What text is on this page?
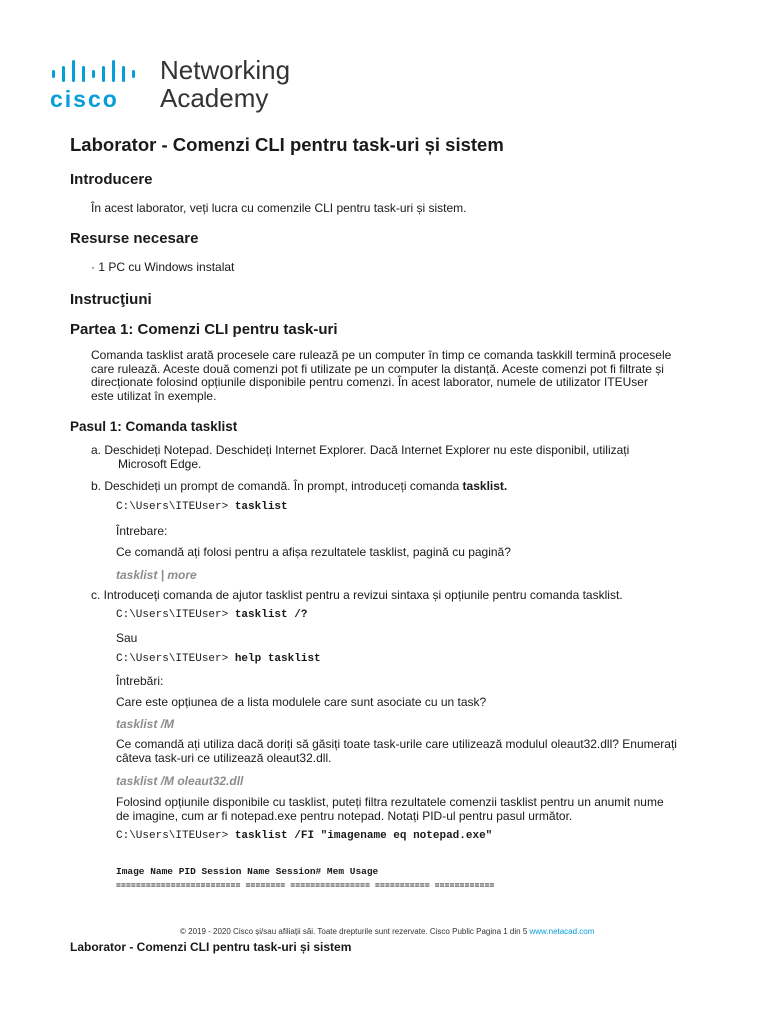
cisco
Networking
Academy
Laborator - Comenzi CLI pentru task-uri și sistem
Introducere
În acest laborator, veți lucra cu comenzile CLI pentru task-uri și sistem.
Resurse necesare
· 1 PC cu Windows instalat
Instrucţiuni
Partea 1: Comenzi CLI pentru task-uri
Comanda tasklist arată procesele care rulează pe un computer în timp ce comanda taskkill termină procesele
care rulează. Aceste două comenzi pot fi utilizate pe un computer la distanță. Aceste comenzi pot fi filtrate și
direcționate folosind opțiunile disponibile pentru comenzi. În acest laborator, numele de utilizator ITEUser
este utilizat în exemple.
Pasul 1: Comanda tasklist
a. Deschideți Notepad. Deschideți Internet Explorer. Dacă Internet Explorer nu este disponibil, utilizați
Microsoft Edge.
b. Deschideți un prompt de comandă. În prompt, introduceți comanda tasklist.
C:\Users\ITEUser> tasklist
Întrebare:
Ce comandă ați folosi pentru a afișa rezultatele tasklist, pagină cu pagină?
tasklist | more
c. Introduceți comanda de ajutor tasklist pentru a revizui sintaxa și opțiunile pentru comanda tasklist.
C:\Users\ITEUser> tasklist /?
Sau
C:\Users\ITEUser> help tasklist
Întrebări:
Care este opțiunea de a lista modulele care sunt asociate cu un task?
tasklist /M
Ce comandă ați utiliza dacă doriți să găsiți toate task-urile care utilizează modulul oleaut32.dll? Enumerați
câteva task-uri ce utilizează oleaut32.dll.
tasklist /M oleaut32.dll
Folosind opțiunile disponibile cu tasklist, puteți filtra rezultatele comenzii tasklist pentru un anumit nume
de imagine, cum ar fi notepad.exe pentru notepad. Notați PID-ul pentru pasul următor.
C:\Users\ITEUser> tasklist /FI "imagename eq notepad.exe"
Image Name PID Session Name Session# Mem Usage
========================= ======== ================ =========== ============
© 2019 - 2020 Cisco și/sau afiliații săi. Toate drepturile sunt rezervate. Cisco Public Pagina 1 din 5 www.netacad.com
Laborator - Comenzi CLI pentru task-uri și sistem
